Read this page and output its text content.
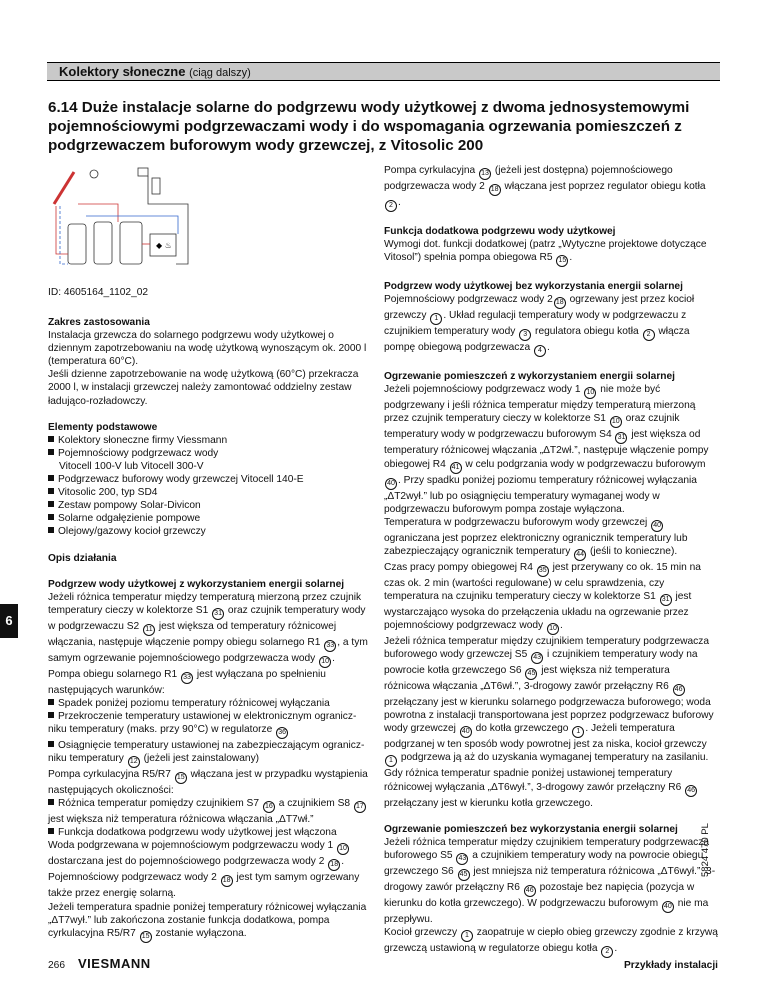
Kolektory słoneczne (ciąg dalszy)
6.14 Duże instalacje solarne do podgrzewu wody użytkowej z dwoma jednosystemowymi pojemnościowymi podgrzewaczami wody i do wspomagania ogrzewania pomieszczeń z podgrzewaczem buforowym wody grzewczej, z Vitosolic 200
◆ ♨
ID: 4605164_1102_02

Zakres zastosowania

Instalacja grzewcza do solarnego podgrzewu wody użytkowej o dziennym zapotrzebowaniu na wodę użytkową wynoszącym ok. 2000 l (temperatura 60°C).

Jeśli dzienne zapotrzebowanie na wodę użytkową (60°C) przekracza 2000 l, w instalacji grzewczej należy zamontować oddzielny zestaw ładująco-rozładowczy.

Elementy podstawowe

Kolektory słoneczne firmy Viessmann

Pojemnościowy podgrzewacz wody

Vitocell 100-V lub Vitocell 300-V

Podgrzewacz buforowy wody grzewczej Vitocell 140-E

Vitosolic 200, typ SD4

Zestaw pompowy Solar-Divicon

Solarne odgałęzienie pompowe

Olejowy/gazowy kocioł grzewczy

Opis działania

Podgrzew wody użytkowej z wykorzystaniem energii solarnej

Jeżeli różnica temperatur między temperaturą mierzoną przez czujnik temperatury cieczy w kolektorze S1 31 oraz czujnik temperatury wody w podgrzewaczu S2 11 jest większa od temperatury różnicowej włączania, następuje włączenie pompy obiegu solarnego R1 33 , a tym samym ogrzewanie pojemnościowego podgrzewacza wody 10 .

Pompa obiegu solarnego R1 33 jest wyłączana po spełnieniu następujących warunków:

Spadek poniżej poziomu temperatury różnicowej wyłączania

Przekroczenie temperatury ustawionej w elektronicznym ograniczniku temperatury (maks. przy 90°C) w regulatorze 36

Osiągnięcie temperatury ustawionej na zabezpieczającym ograniczniku temperatury 12 (jeżeli jest zainstalowany)

Pompa cyrkulacyjna R5/R7 15 włączana jest w przypadku wystąpienia następujących okoliczności:

Różnica temperatur pomiędzy czujnikiem S7 16 a czujnikiem S8 17 jest większa niż temperatura różnicowa włączania „ΔT7wł.”

Funkcja dodatkowa podgrzewu wody użytkowej jest włączona

Woda podgrzewana w pojemnościowym podgrzewaczu wody 1 10 dostarczana jest do pojemnościowego podgrzewacza wody 2 18 .

Pojemnościowy podgrzewacz wody 2 18 jest tym samym ogrzewany także przez energię solarną.

Jeżeli temperatura spadnie poniżej temperatury różnicowej wyłączania „ΔT7wył.” lub zakończona zostanie funkcja dodatkowa, pompa cyrkulacyjna R5/R7 15 zostanie wyłączona.

Pompa cyrkulacyjna 13 (jeżeli jest dostępna) pojemnościowego podgrzewacza wody 2 18 włączana jest poprzez regulator obiegu kotła 2 .

Funkcja dodatkowa podgrzewu wody użytkowej

Wymogi dot. funkcji dodatkowej (patrz „Wytyczne projektowe dotyczące Vitosol”) spełnia pompa obiegowa R5 15 .

Podgrzew wody użytkowej bez wykorzystania energii solarnej

Pojemnościowy podgrzewacz wody 2 18 ogrzewany jest przez kocioł grzewczy 1 . Układ regulacji temperatury wody w podgrzewaczu z czujnikiem temperatury wody 3 regulatora obiegu kotła 2 włącza pompę obiegową podgrzewacza 4 .

Ogrzewanie pomieszczeń z wykorzystaniem energii solarnej

Jeżeli pojemnościowy podgrzewacz wody 1 10 nie może być podgrzewany i jeśli różnica temperatur między temperaturą mierzoną przez czujnik temperatury cieczy w kolektorze S1 10 oraz czujnik temperatury wody w podgrzewaczu buforowym S4 31 jest większa od temperatury różnicowej włączania „ΔT2wł.”, następuje włączenie pompy obiegowej R4 41 w celu podgrzania wody w podgrzewaczu buforowym 40 . Przy spadku poniżej poziomu temperatury różnicowej wyłączania „ΔT2wył.” lub po osiągnięciu temperatury wymaganej wody w podgrzewaczu buforowym pompa zostaje wyłączona.

Temperatura w podgrzewaczu buforowym wody grzewczej 40 ograniczana jest poprzez elektroniczny ogranicznik temperatury lub zabezpieczający ogranicznik temperatury 44 (jeśli to konieczne).

Czas pracy pompy obiegowej R4 35 jest przerywany co ok. 15 min na czas ok. 2 min (wartości regulowane) w celu sprawdzenia, czy temperatura na czujniku temperatury cieczy w kolektorze S1 31 jest wystarczająco wysoka do przełączenia układu na ogrzewanie przez pojemnościowy podgrzewacz wody 10 .

Jeżeli różnica temperatur między czujnikiem temperatury podgrzewacza buforowego wody grzewczej S5 43 i czujnikiem temperatury wody na powrocie kotła grzewczego S6 45 jest większa niż temperatura różnicowa włączania „ΔT6wł.”, 3-drogowy zawór przełączny R6 46 przełączany jest w kierunku solarnego podgrzewacza buforowego; woda powrotna z instalacji transportowana jest poprzez podgrzewacz buforowy wody grzewczej 40 do kotła grzewczego 1 . Jeżeli temperatura podgrzanej w ten sposób wody powrotnej jest za niska, kocioł grzewczy 1 podgrzewa ją aż do uzyskania wymaganej temperatury na zasilaniu. Gdy różnica temperatur spadnie poniżej ustawionej temperatury różnicowej wyłączania „ΔT6wył.”, 3-drogowy zawór przełączny R6 46 przełączany jest w kierunku kotła grzewczego.

Ogrzewanie pomieszczeń bez wykorzystania energii solarnej

Jeżeli różnica temperatur między czujnikiem temperatury podgrzewacza buforowego S5 43 a czujnikiem temperatury wody na powrocie obiegu grzewczego S6 45 jest mniejsza niż temperatura różnicowa „ΔT6wył.”, 3-drogowy zawór przełączny R6 46 pozostaje bez napięcia (pozycja w kierunku do kotła grzewczego). W podgrzewaczu buforowym 40 nie ma przepływu.

Kocioł grzewczy 1 zaopatruje w ciepło obieg grzewczy zgodnie z krzywą grzewczą ustawioną w regulatorze obiegu kotła 2 .

6
5824 470 PL
266 VIESMANN	Przykłady instalacji
